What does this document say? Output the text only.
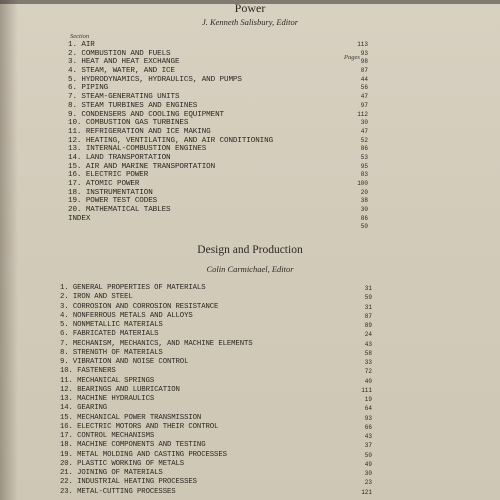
Power
J. Kenneth Salisbury, Editor
Section
Pages
1. AIR	113
2. COMBUSTION AND FUELS	93
3. HEAT AND HEAT EXCHANGE	98
4. STEAM, WATER, AND ICE	87
5. HYDRODYNAMICS, HYDRAULICS, AND PUMPS	44
6. PIPING	56
7. STEAM-GENERATING UNITS	47
8. STEAM TURBINES AND ENGINES	97
9. CONDENSERS AND COOLING EQUIPMENT	112
10. COMBUSTION GAS TURBINES	30
11. REFRIGERATION AND ICE MAKING	47
12. HEATING, VENTILATING, AND AIR CONDITIONING	52
13. INTERNAL-COMBUSTION ENGINES	86
14. LAND TRANSPORTATION	53
15. AIR AND MARINE TRANSPORTATION	95
16. ELECTRIC POWER	83
17. ATOMIC POWER	100
18. INSTRUMENTATION	20
19. POWER TEST CODES	38
20. MATHEMATICAL TABLES	30
INDEX	86
50
Design and Production
Colin Carmichael, Editor
1. GENERAL PROPERTIES OF MATERIALS	31
2. IRON AND STEEL	59
3. CORROSION AND CORROSION RESISTANCE	31
4. NONFERROUS METALS AND ALLOYS	87
5. NONMETALLIC MATERIALS	89
6. FABRICATED MATERIALS	24
7. MECHANISM, MECHANICS, AND MACHINE ELEMENTS	43
8. STRENGTH OF MATERIALS	58
9. VIBRATION AND NOISE CONTROL	33
10. FASTENERS	72
11. MECHANICAL SPRINGS	40
12. BEARINGS AND LUBRICATION	111
13. MACHINE HYDRAULICS	19
14. GEARING	64
15. MECHANICAL POWER TRANSMISSION	93
16. ELECTRIC MOTORS AND THEIR CONTROL	66
17. CONTROL MECHANISMS	43
18. MACHINE COMPONENTS AND TESTING	37
19. METAL MOLDING AND CASTING PROCESSES	50
20. PLASTIC WORKING OF METALS	49
21. JOINING OF MATERIALS	30
22. INDUSTRIAL HEATING PROCESSES	23
23. METAL-CUTTING PROCESSES	121
